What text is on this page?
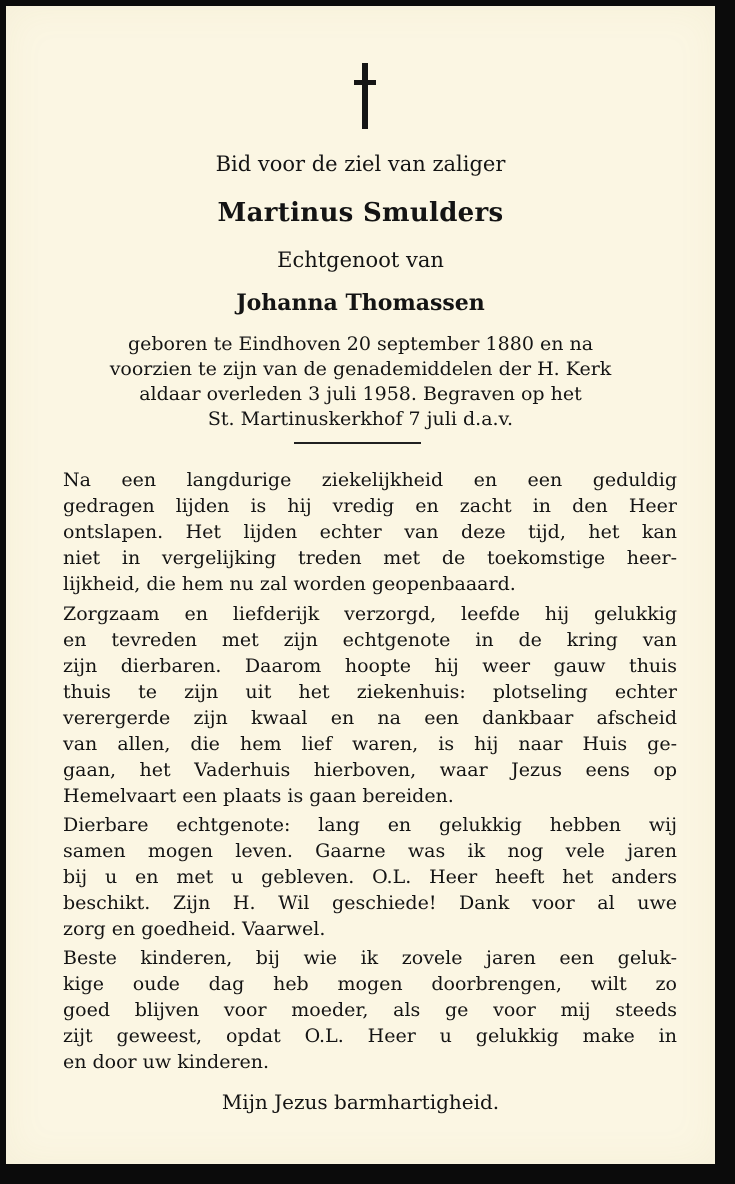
Bid voor de ziel van zaliger
Martinus Smulders
Echtgenoot van
Johanna Thomassen
geboren te Eindhoven 20 september 1880 en na
voorzien te zijn van de genademiddelen der H. Kerk
aldaar overleden 3 juli 1958. Begraven op het
St. Martinuskerkhof 7 juli d.a.v.
Na een langdurige ziekelijkheid en een geduldig
gedragen lijden is hij vredig en zacht in den Heer
ontslapen. Het lijden echter van deze tijd, het kan
niet in vergelijking treden met de toekomstige heer-
lijkheid, die hem nu zal worden geopenbaaard.
Zorgzaam en liefderijk verzorgd, leefde hij gelukkig
en tevreden met zijn echtgenote in de kring van
zijn dierbaren. Daarom hoopte hij weer gauw thuis
thuis te zijn uit het ziekenhuis: plotseling echter
verergerde zijn kwaal en na een dankbaar afscheid
van allen, die hem lief waren, is hij naar Huis ge-
gaan, het Vaderhuis hierboven, waar Jezus eens op
Hemelvaart een plaats is gaan bereiden.
Dierbare echtgenote: lang en gelukkig hebben wij
samen mogen leven. Gaarne was ik nog vele jaren
bij u en met u gebleven. O.L. Heer heeft het anders
beschikt. Zijn H. Wil geschiede! Dank voor al uwe
zorg en goedheid. Vaarwel.
Beste kinderen, bij wie ik zovele jaren een geluk-
kige oude dag heb mogen doorbrengen, wilt zo
goed blijven voor moeder, als ge voor mij steeds
zijt geweest, opdat O.L. Heer u gelukkig make in
en door uw kinderen.
Mijn Jezus barmhartigheid.
